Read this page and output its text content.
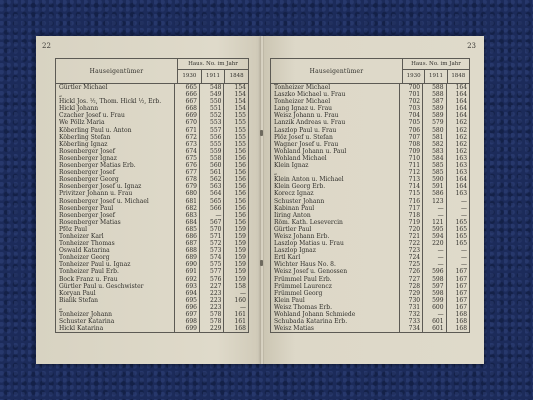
22
Hauseigentümer
Haus. No. im Jahr
1930	1911	1848
Gürtler Michael	665	548	154
„	666	549	154
Hickl Jos. ½, Thom. Hickl ½, Erb.	667	550	154
Hickl Johann	668	551	154
Czacher Josef u. Frau	669	552	155
We Pöllz Maria	670	553	155
Köberling Paul u. Anton	671	557	155
Köberling Stefan	672	556	155
Köberling Ignaz	673	555	155
Rosenberger Josef	674	559	156
Rosenberger Ignaz	675	558	156
Rosenberger Matias Erb.	676	560	156
Rosenberger Josef	677	561	156
Rosenberger Georg	678	562	156
Rosenberger Josef u. Ignaz	679	563	156
Privitzer Johann u. Frau	680	564	156
Rosenberger Josef u. Michael	681	565	156
Rosenberger Paul	682	566	156
Rosenberger Josef	683	—	156
Rosenberger Matias	684	567	156
Pföz Paul	685	570	159
Tonheizer Karl	686	571	159
Tonheizer Thomas	687	572	159
Oswald Katarina	688	573	159
Tonheizer Georg	689	574	159
Tonheizer Paul u. Ignaz	690	575	159
Tonheizer Paul Erb.	691	577	159
Bock Franz u. Frau	692	576	159
Gürtler Paul u. Geschwister	693	227	158
Koryan Paul	694	223	—
Bialik Stefan	695	223	160
„	696	223	—
Tonheizer Johann	697	578	161
Schuster Katarina	698	578	161
Hickl Katarina	699	229	168
23
Hauseigentümer
Haus. No. im Jahr
1930	1911	1848
Tonheizer Michael	700	588	164
Laszko Michael u. Frau	701	588	164
Tonheizer Michael	702	587	164
Lang Ignaz u. Frau	703	589	164
Weisz Johann u. Frau	704	589	164
Lanzik Andreas u. Frau	705	579	162
Laszlop Paul u. Frau	706	580	162
Plöz Josef u. Stefan	707	581	162
Wagner Josef u. Frau	708	582	162
Wohland Johann u. Paul	709	583	162
Wohland Michael	710	584	163
Klein Ignaz	711	585	163
„	712	585	163
Klein Anton u. Michael	713	590	164
Klein Georg Erb.	714	591	164
Korecz Ignaz	715	586	163
Schuster Johann	716	123	—
Kabinan Paul	717	—	—
Iiring Anton	718	—	—
Röm. Kath. Lesevercin	719	121	165
Gürtler Paul	720	595	165
Weisz Johann Erb.	721	594	165
Laszlop Matias u. Frau	722	220	165
Laszlop Ignaz	723	—	—
Ertl Karl	724	—	—
Wichter Haus No. 8.	725	—	—
Weisz Josef u. Genossen	726	596	167
Frümmel Paul Erb.	727	598	167
Frümmel Laurencz	728	597	167
Frümmel Georg	729	598	167
Klein Paul	730	599	167
Weisz Thomas Erb.	731	600	167
Wohland Johann Schmiede	732	—	168
Schubada Katarina Erb.	733	601	168
Weisz Matias	734	601	168
